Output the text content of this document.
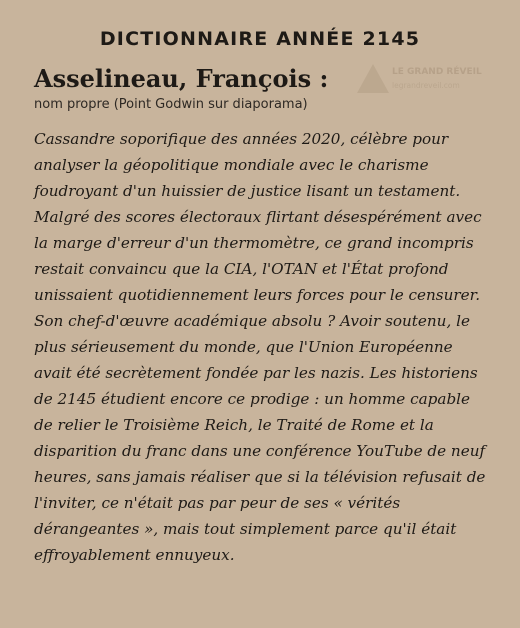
DICTIONNAIRE ANNÉE 2145
Asselineau, François :
nom propre (Point Godwin sur diaporama)
LE GRAND RÉVEIL
legrandreveil.com

Cassandre soporifique des années 2020, célèbre pour analyser la géopolitique mondiale avec le charisme foudroyant d'un huissier de justice lisant un testament. Malgré des scores électoraux flirtant désespérément avec la marge d'erreur d'un thermomètre, ce grand incompris restait convaincu que la CIA, l'OTAN et l'État profond unissaient quotidiennement leurs forces pour le censurer. Son chef-d'œuvre académique absolu ? Avoir soutenu, le plus sérieusement du monde, que l'Union Européenne avait été secrètement fondée par les nazis. Les historiens de 2145 étudient encore ce prodige : un homme capable de relier le Troisième Reich, le Traité de Rome et la disparition du franc dans une conférence YouTube de neuf heures, sans jamais réaliser que si la télévision refusait de l'inviter, ce n'était pas par peur de ses « vérités dérangeantes », mais tout simplement parce qu'il était effroyablement ennuyeux.
